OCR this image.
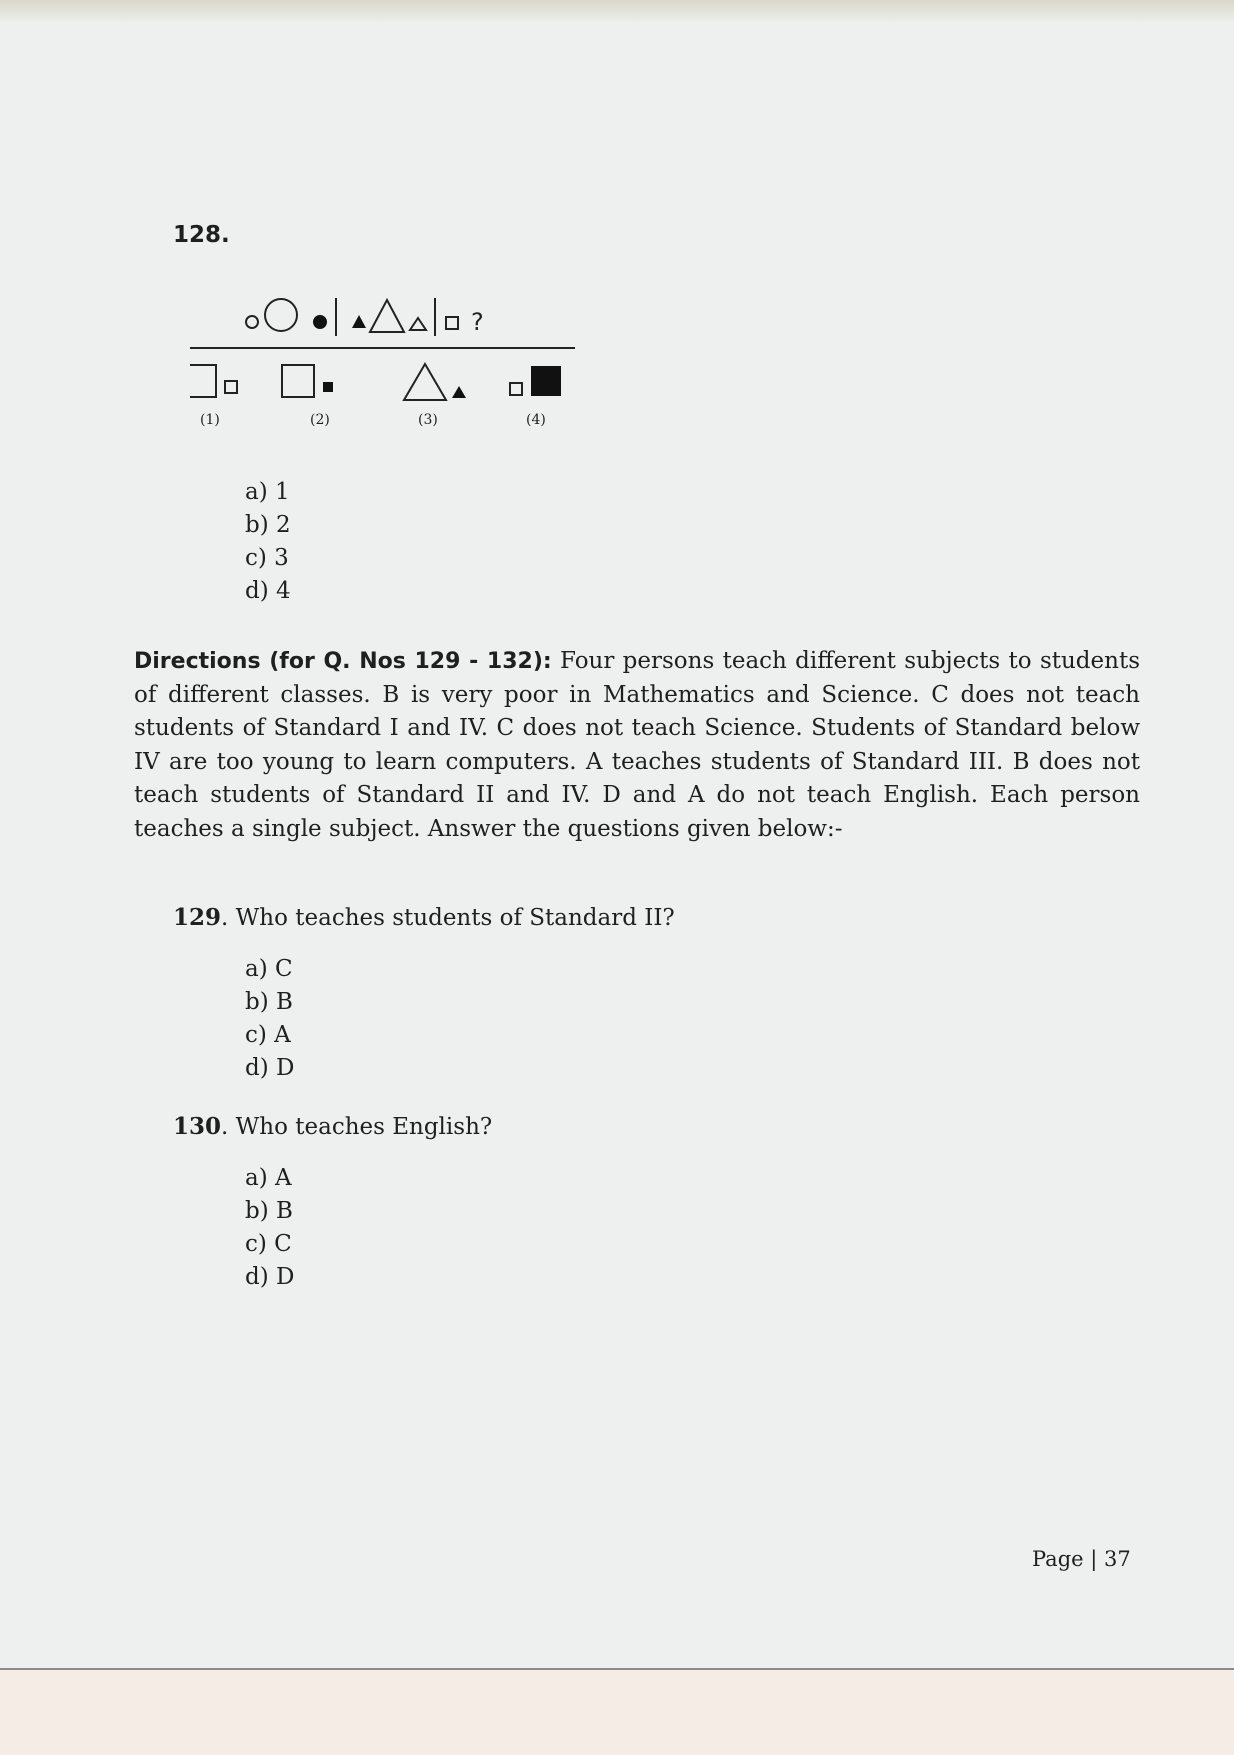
128.
?
(1)	(2)	(3)	(4)
a) 1
b) 2
c) 3
d) 4

Directions (for Q. Nos 129 - 132): Four persons teach different subjects to students of different classes. B is very poor in Mathematics and Science. C does not teach students of Standard I and IV. C does not teach Science. Students of Standard below IV are too young to learn computers. A teaches students of Standard III. B does not teach students of Standard II and IV. D and A do not teach English. Each person teaches a single subject. Answer the questions given below:-

129. Who teaches students of Standard II?
a) C
b) B
c) A
d) D
130. Who teaches English?
a) A
b) B
c) C
d) D
Page | 37
